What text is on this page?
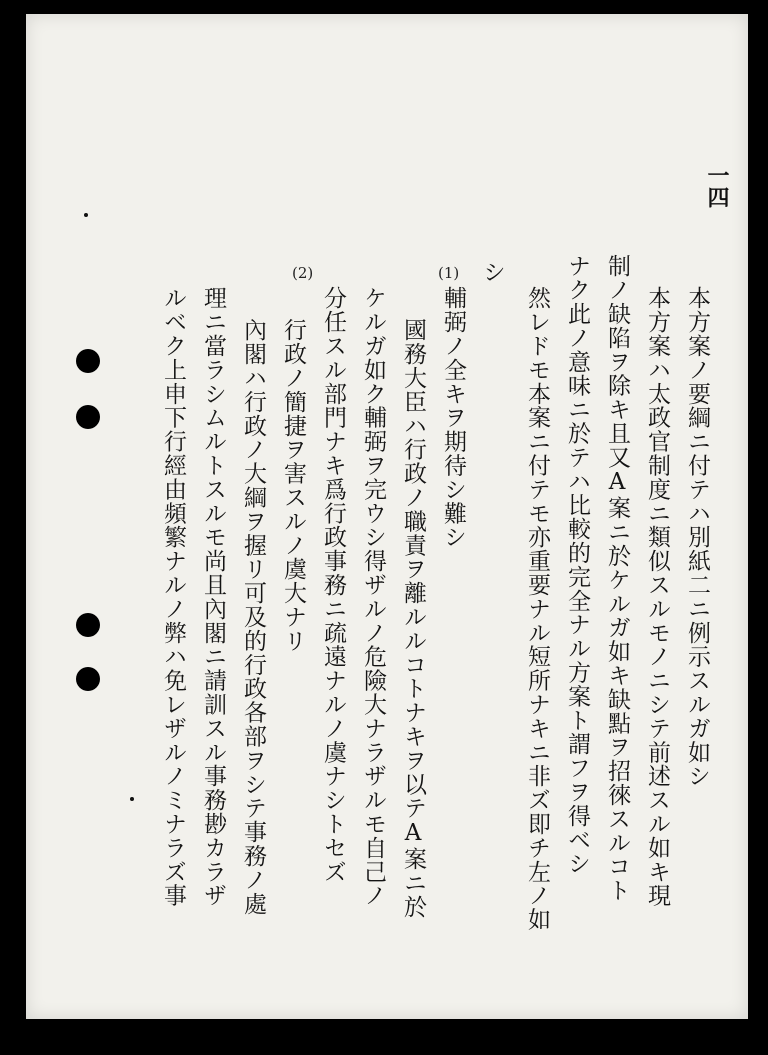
一四
本方案ノ要綱ニ付テハ別紙二ニ例示スルガ如シ
本方案ハ太政官制度ニ類似スルモノニシテ前述スル如キ現
制ノ缺陷ヲ除キ且又A案ニ於ケルガ如キ缺點ヲ招徠スルコト
ナク此ノ意味ニ於テハ比較的完全ナル方案ト謂フヲ得ベシ
然レドモ本案ニ付テモ亦重要ナル短所ナキニ非ズ即チ左ノ如
シ
(1)
輔弼ノ全キヲ期待シ難シ
國務大臣ハ行政ノ職責ヲ離ルルコトナキヲ以テA案ニ於
ケルガ如ク輔弼ヲ完ウシ得ザルノ危險大ナラザルモ自己ノ
分任スル部門ナキ爲行政事務ニ疏遠ナルノ虞ナシトセズ
(2)
行政ノ簡捷ヲ害スルノ虞大ナリ
內閣ハ行政ノ大綱ヲ握リ可及的行政各部ヲシテ事務ノ處
理ニ當ラシムルトスルモ尚且內閣ニ請訓スル事務尠カラザ
ルベク上申下行經由頻繁ナルノ弊ハ免レザルノミナラズ事
